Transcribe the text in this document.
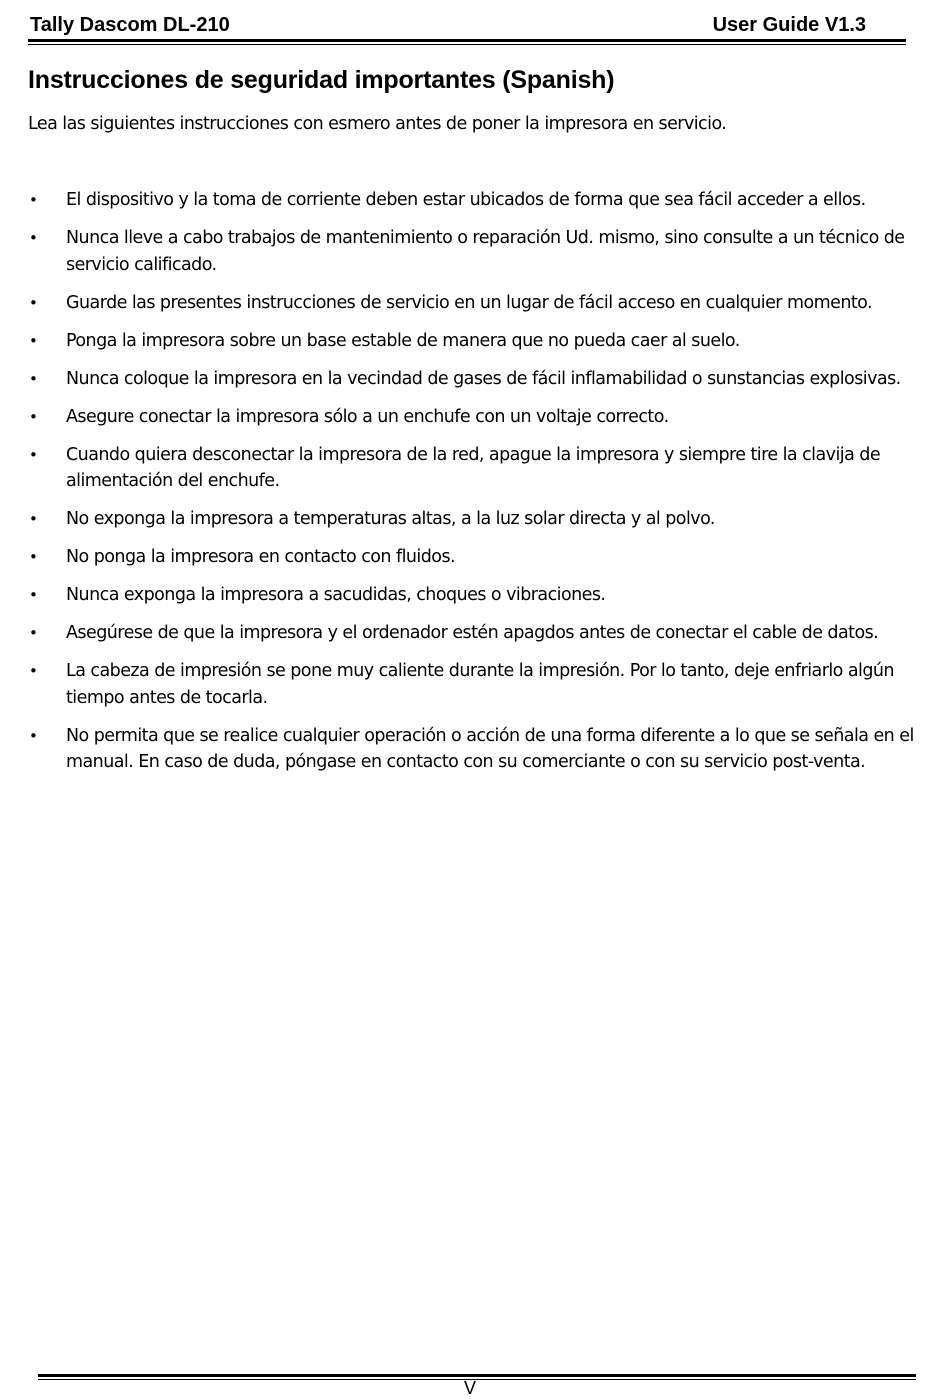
Tally Dascom DL-210	User Guide V1.3
Instrucciones de seguridad importantes (Spanish)

Lea las siguientes instrucciones con esmero antes de poner la impresora en servicio.

• El dispositivo y la toma de corriente deben estar ubicados de forma que sea fácil acceder a ellos.
• Nunca lleve a cabo trabajos de mantenimiento o reparación Ud. mismo, sino consulte a un técnico de servicio calificado.
• Guarde las presentes instrucciones de servicio en un lugar de fácil acceso en cualquier momento.
• Ponga la impresora sobre un base estable de manera que no pueda caer al suelo.
• Nunca coloque la impresora en la vecindad de gases de fácil inflamabilidad o sunstancias explosivas.
• Asegure conectar la impresora sólo a un enchufe con un voltaje correcto.
• Cuando quiera desconectar la impresora de la red, apague la impresora y siempre tire la clavija de alimentación del enchufe.
• No exponga la impresora a temperaturas altas, a la luz solar directa y al polvo.
• No ponga la impresora en contacto con fluidos.
• Nunca exponga la impresora a sacudidas, choques o vibraciones.
• Asegúrese de que la impresora y el ordenador estén apagdos antes de conectar el cable de datos.
• La cabeza de impresión se pone muy caliente durante la impresión. Por lo tanto, deje enfriarlo algún tiempo antes de tocarla.
• No permita que se realice cualquier operación o acción de una forma diferente a lo que se señala en el manual. En caso de duda, póngase en contacto con su comerciante o con su servicio post-venta.
V
